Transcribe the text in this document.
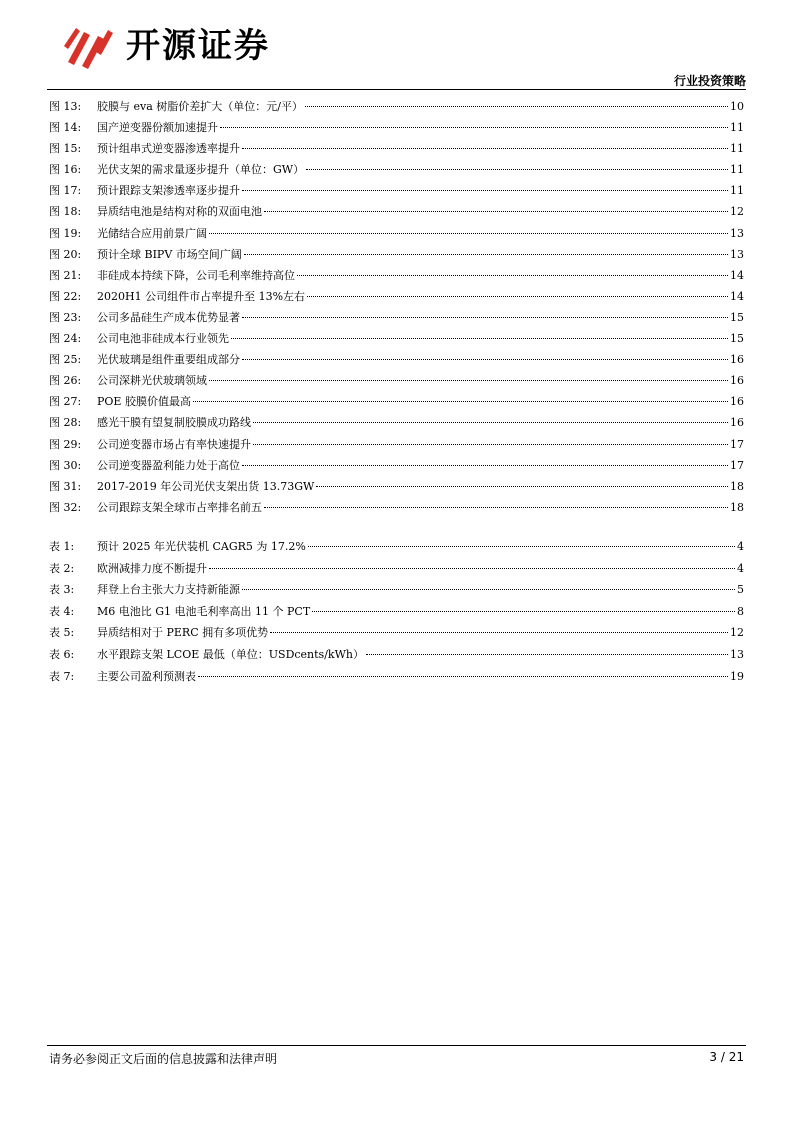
开源证券
行业投资策略
图 13:	胶膜与 eva 树脂价差扩大（单位：元/平）	10
图 14:	国产逆变器份额加速提升	11
图 15:	预计组串式逆变器渗透率提升	11
图 16:	光伏支架的需求量逐步提升（单位：GW）	11
图 17:	预计跟踪支架渗透率逐步提升	11
图 18:	异质结电池是结构对称的双面电池	12
图 19:	光储结合应用前景广阔	13
图 20:	预计全球 BIPV 市场空间广阔	13
图 21:	非硅成本持续下降，公司毛利率维持高位	14
图 22:	2020H1 公司组件市占率提升至 13%左右	14
图 23:	公司多晶硅生产成本优势显著	15
图 24:	公司电池非硅成本行业领先	15
图 25:	光伏玻璃是组件重要组成部分	16
图 26:	公司深耕光伏玻璃领域	16
图 27:	POE 胶膜价值最高	16
图 28:	感光干膜有望复制胶膜成功路线	16
图 29:	公司逆变器市场占有率快速提升	17
图 30:	公司逆变器盈利能力处于高位	17
图 31:	2017-2019 年公司光伏支架出货 13.73GW	18
图 32:	公司跟踪支架全球市占率排名前五	18
表 1:	预计 2025 年光伏装机 CAGR5 为 17.2%	4
表 2:	欧洲减排力度不断提升	4
表 3:	拜登上台主张大力支持新能源	5
表 4:	M6 电池比 G1 电池毛利率高出 11 个 PCT	8
表 5:	异质结相对于 PERC 拥有多项优势	12
表 6:	水平跟踪支架 LCOE 最低（单位：USDcents/kWh）	13
表 7:	主要公司盈利预测表	19
请务必参阅正文后面的信息披露和法律声明	3 / 21
